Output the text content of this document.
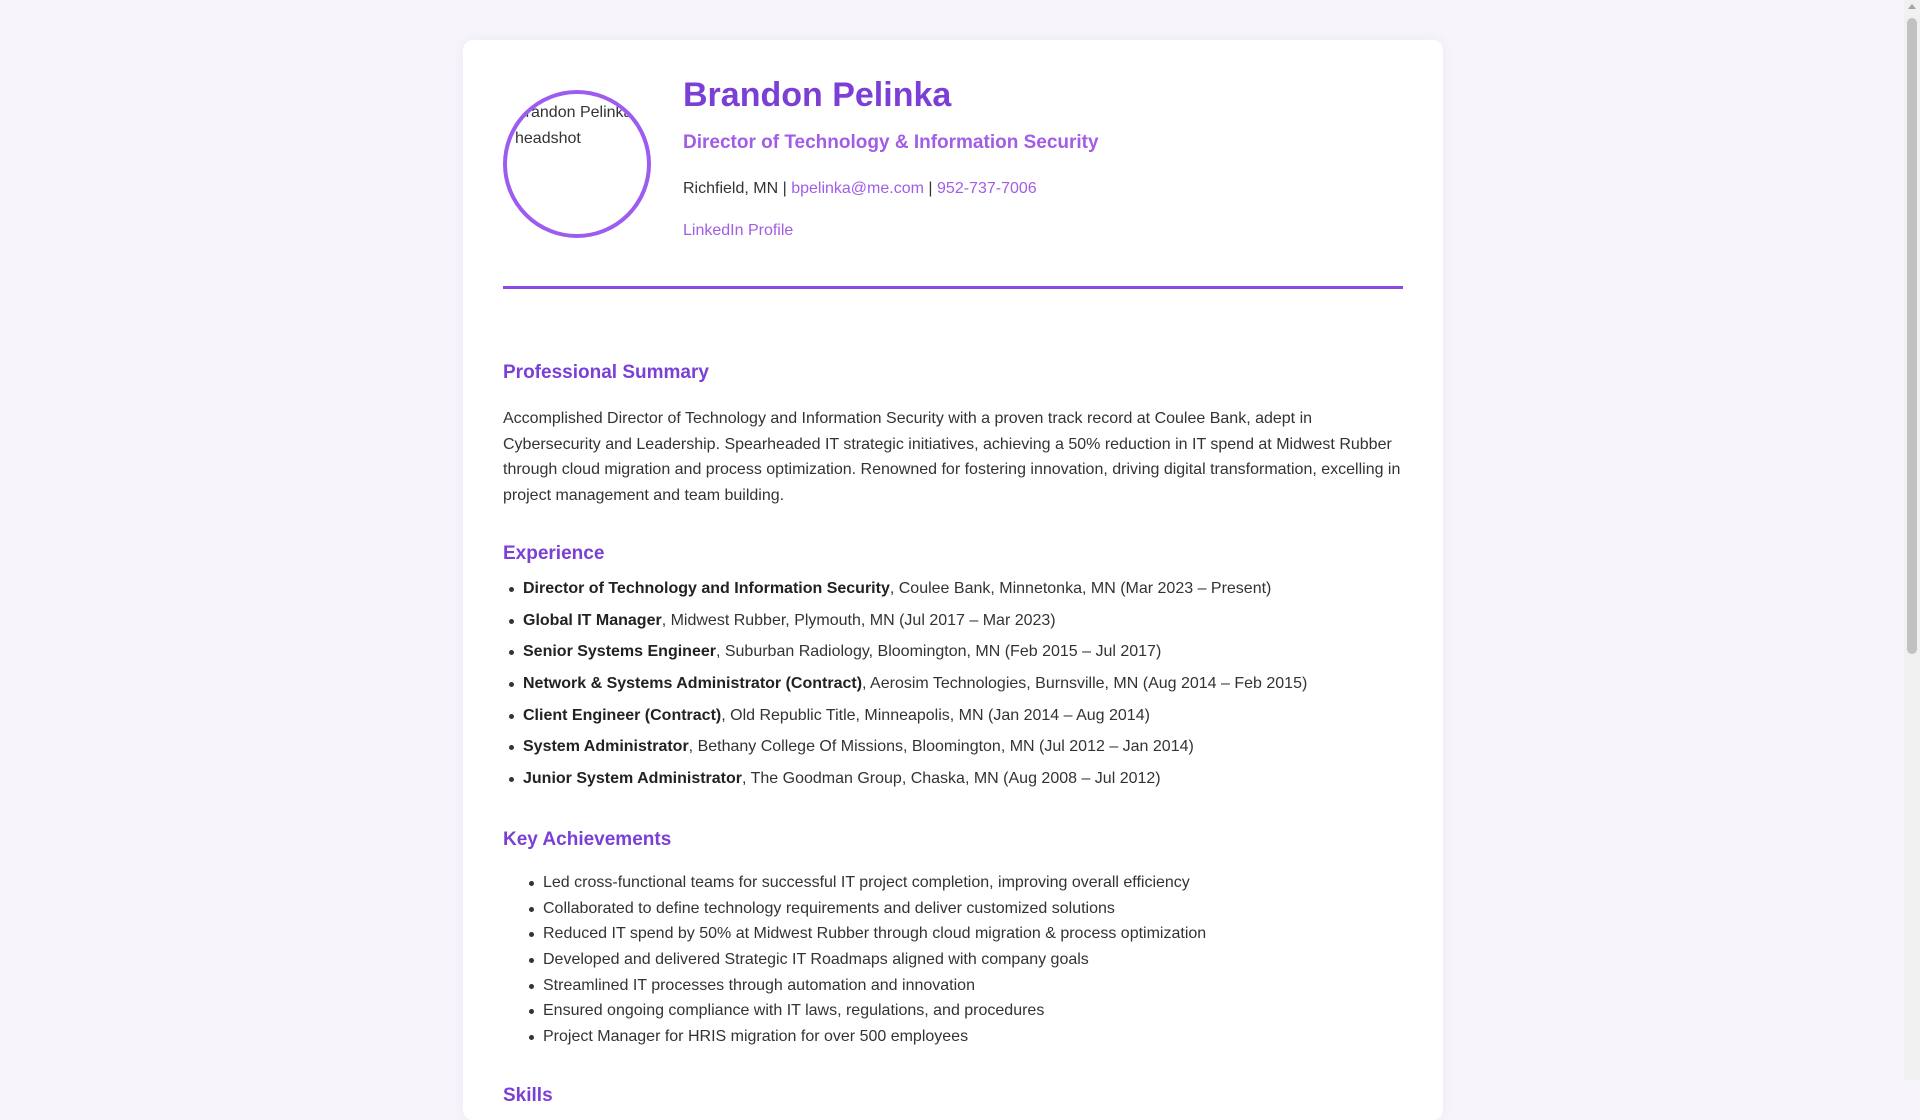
Brandon Pelinka headshot
Brandon Pelinka
Director of Technology & Information Security
Richfield, MN | bpelinka@me.com | 952-737-7006
LinkedIn Profile
Professional Summary

Accomplished Director of Technology and Information Security with a proven track record at Coulee Bank, adept in Cybersecurity and Leadership. Spearheaded IT strategic initiatives, achieving a 50% reduction in IT spend at Midwest Rubber through cloud migration and process optimization. Renowned for fostering innovation, driving digital transformation, excelling in project management and team building.

Experience
Director of Technology and Information Security, Coulee Bank, Minnetonka, MN (Mar 2023 – Present)
Global IT Manager, Midwest Rubber, Plymouth, MN (Jul 2017 – Mar 2023)
Senior Systems Engineer, Suburban Radiology, Bloomington, MN (Feb 2015 – Jul 2017)
Network & Systems Administrator (Contract), Aerosim Technologies, Burnsville, MN (Aug 2014 – Feb 2015)
Client Engineer (Contract), Old Republic Title, Minneapolis, MN (Jan 2014 – Aug 2014)
System Administrator, Bethany College Of Missions, Bloomington, MN (Jul 2012 – Jan 2014)
Junior System Administrator, The Goodman Group, Chaska, MN (Aug 2008 – Jul 2012)
Key Achievements
Led cross-functional teams for successful IT project completion, improving overall efficiency
Collaborated to define technology requirements and deliver customized solutions
Reduced IT spend by 50% at Midwest Rubber through cloud migration & process optimization
Developed and delivered Strategic IT Roadmaps aligned with company goals
Streamlined IT processes through automation and innovation
Ensured ongoing compliance with IT laws, regulations, and procedures
Project Manager for HRIS migration for over 500 employees
Skills
